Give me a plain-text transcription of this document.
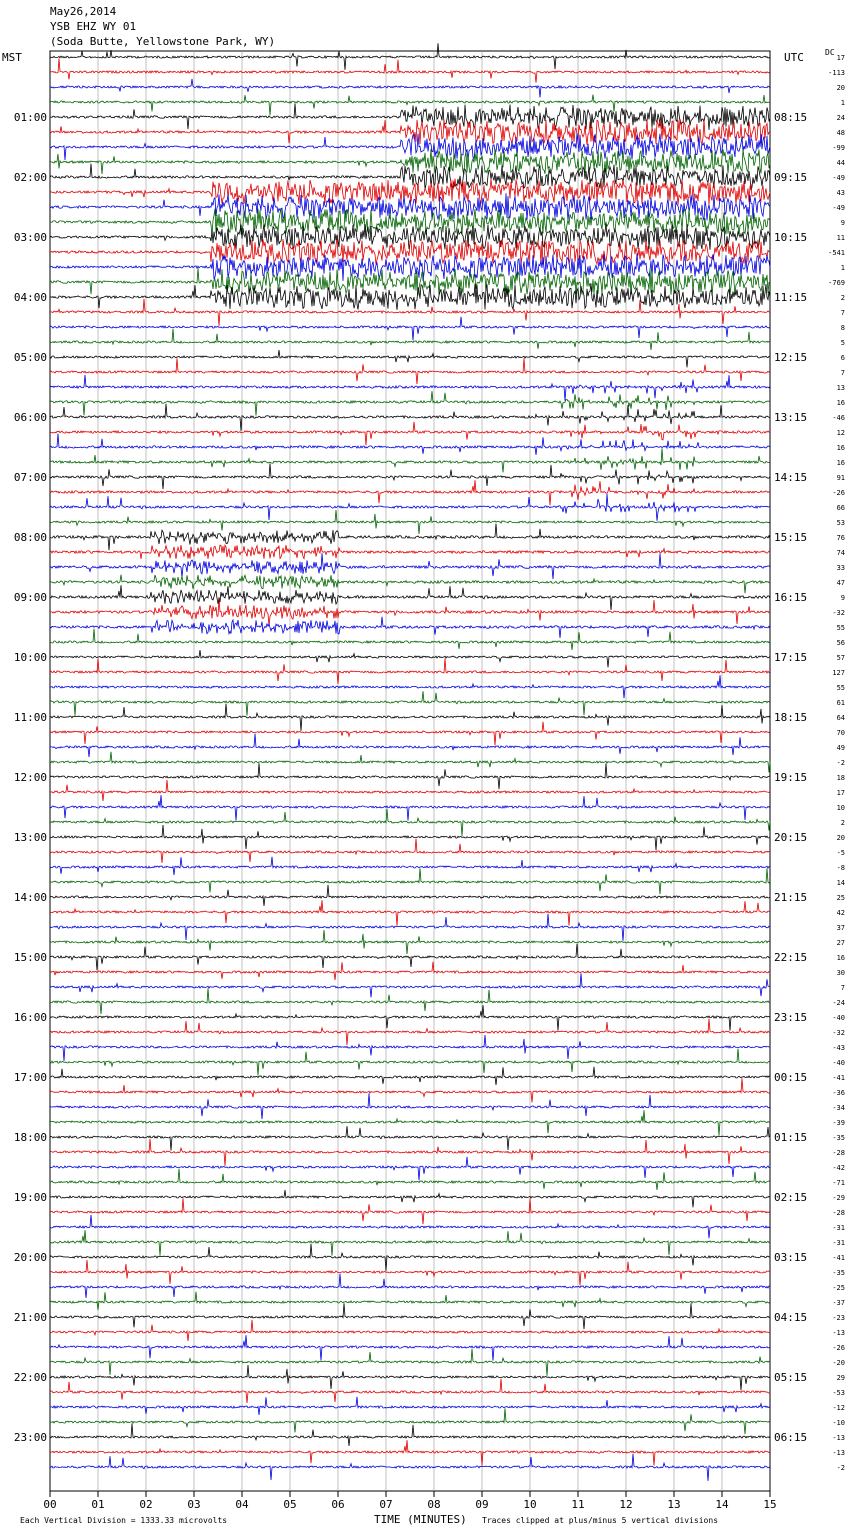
May26,2014
YSB EHZ WY 01
(Soda Butte, Yellowstone Park, WY)
MST	UTC	DC
17
-113
20
1
24
48
-99
44
-49
43
-49
9
11
-541
1
-769
2
7
8
5
6
7
13
16
-46
12
16
16
91
-26
66
53
76
74
33
47
9
-32
55
56
57
127
55
61
64
70
49
-2
18
17
10
2
20
-5
-8
14
25
42
37
27
16
30
7
-24
-40
-32
-43
-40
-41
-36
-34
-39
-35
-28
-42
-71
-29
-28
-31
-31
-41
-35
-25
-37
-23
-13
-26
-20
29
-53
-12
-10
-13
-13
-2
01:00	08:15
02:00	09:15
03:00	10:15
04:00	11:15
05:00	12:15
06:00	13:15
07:00	14:15
08:00	15:15
09:00	16:15
10:00	17:15
11:00	18:15
12:00	19:15
13:00	20:15
14:00	21:15
15:00	22:15
16:00	23:15
17:00	00:15
18:00	01:15
19:00	02:15
20:00	03:15
21:00	04:15
22:00	05:15
23:00	06:15
00	01	02	03	04	05	06	07	08	09	10	11	12	13	14	15
TIME (MINUTES)
Each Vertical Division = 1333.33 microvolts	Traces clipped at plus/minus 5 vertical divisions
